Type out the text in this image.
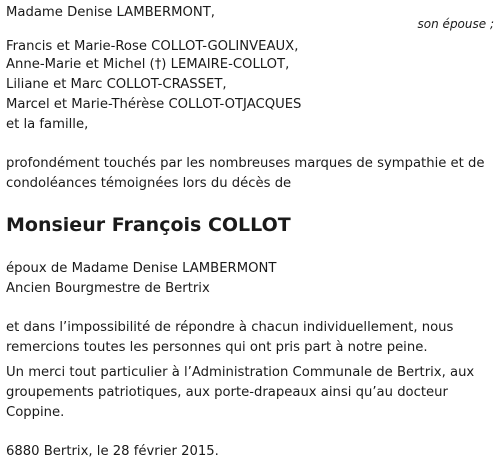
Madame Denise LAMBERMONT,
son épouse ;
Francis et Marie-Rose COLLOT-GOLINVEAUX,
Anne-Marie et Michel (†) LEMAIRE-COLLOT,
Liliane et Marc COLLOT-CRASSET,
Marcel et Marie-Thérèse COLLOT-OTJACQUES
et la famille,
profondément touchés par les nombreuses marques de sympathie et de
condoléances témoignées lors du décès de
Monsieur François COLLOT
époux de Madame Denise LAMBERMONT
Ancien Bourgmestre de Bertrix
et dans l’impossibilité de répondre à chacun individuellement, nous
remercions toutes les personnes qui ont pris part à notre peine.
Un merci tout particulier à l’Administration Communale de Bertrix, aux
groupements patriotiques, aux porte-drapeaux ainsi qu’au docteur
Coppine.
6880 Bertrix, le 28 février 2015.
